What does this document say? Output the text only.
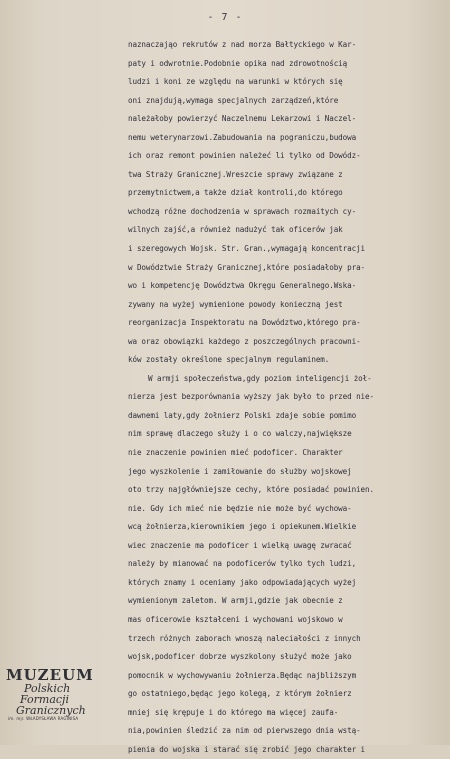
- 7 -
naznaczająo rekrutów z nad morza Bałtyckiego w Kar-
paty i odwrotnie.Podobnie opika nad zdrowotnością
ludzi i koni ze względu na warunki w których się
oni znajdują,wymaga specjalnych zarządzeń,które
należałoby powierzyć Naczelnemu Lekarzowi i Naczel-
nemu weterynarzowi.Zabudowania na pograniczu,budowa
ich oraz remont powinien należeć li tylko od Dowódz-
twa Straży Granicznej.Wreszcie sprawy związane z
przemytnictwem,a także dział kontroli,do którego
wchodzą różne dochodzenia w sprawach rozmaitych cy-
wilnych zajść,a również nadużyć tak oficerów jak
i szeregowych Wojsk. Str. Gran.,wymagają koncentracji
w Dowództwie Straży Granicznej,które posiadałoby pra-
wo i kompetencję Dowództwa Okręgu Generalnego.Wska-
zywany na wyżej wymienione powody konieczną jest
reorganizacja Inspektoratu na Dowództwo,którego pra-
wa oraz obowiązki każdego z poszczególnych pracowni-
ków zostały określone specjalnym regulaminem.
W armji społeczeństwa,gdy poziom inteligencji żoł-
nierza jest bezporównania wyższy jak było to przed nie-
dawnemi laty,gdy żołnierz Polski zdaje sobie pomimo
nim sprawę dlaczego służy i o co walczy,największe
nie znaczenie powinien mieć podoficer. Charakter
jego wyszkolenie i zamiłowanie do służby wojskowej
oto trzy najgłówniejsze cechy, które posiadać powinien.
nie. Gdy ich mieć nie będzie nie może być wychowa-
wcą żołnierza,kierownikiem jego i opiekunem.Wielkie
wiec znaczenie ma podoficer i wielką uwagę zwracać
należy by mianować na podoficerów tylko tych ludzi,
których znamy i oceniamy jako odpowiadających wyżej
wymienionym zaletom. W armji,gdzie jak obecnie z
mas oficerowie kształceni i wychowani wojskowo w
trzech różnych zaborach wnoszą naleciałości z innych
wojsk,podoficer dobrze wyszkolony służyć może jako
pomocnik w wychowywaniu żołnierza.Będąc najbliższym
go ostatniego,będąc jego kolegą, z którym żołnierz
mniej się krępuje i do którego ma więcej zaufa-
nia,powinien śledzić za nim od pierwszego dnia wstą-
pienia do wojska i starać się zrobić jego charakter i
MUZEUM
Polskich
Formacji
Granicznych
im. mjr. WŁADYSŁAWA RAGINISA
